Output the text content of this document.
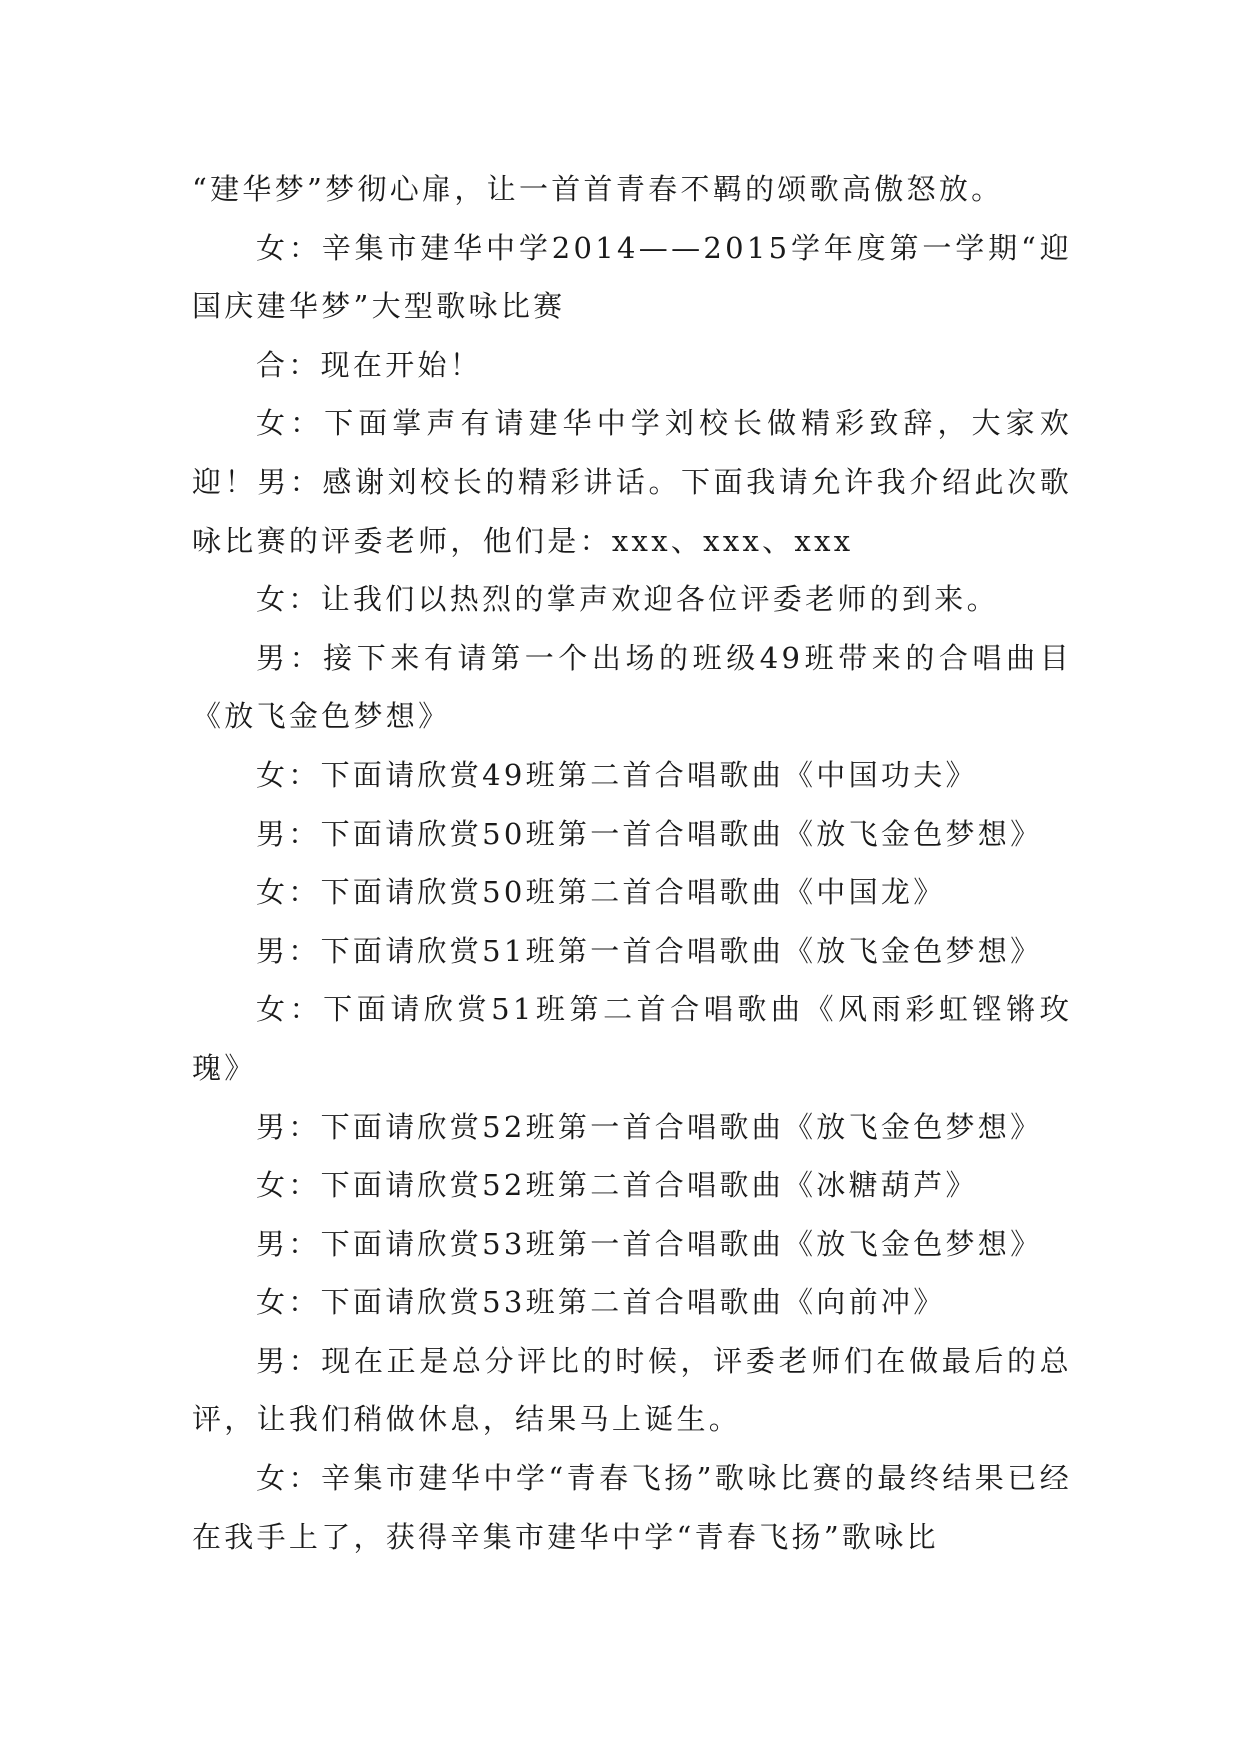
“建华梦”梦彻心扉，让一首首青春不羁的颂歌高傲怒放。

女：辛集市建华中学2014——2015学年度第一学期“迎国庆建华梦”大型歌咏比赛

合：现在开始！

女：下面掌声有请建华中学刘校长做精彩致辞，大家欢迎！男：感谢刘校长的精彩讲话。下面我请允许我介绍此次歌咏比赛的评委老师，他们是：xxx、xxx、xxx

女：让我们以热烈的掌声欢迎各位评委老师的到来。

男：接下来有请第一个出场的班级49班带来的合唱曲目《放飞金色梦想》

女：下面请欣赏49班第二首合唱歌曲《中国功夫》

男：下面请欣赏50班第一首合唱歌曲《放飞金色梦想》

女：下面请欣赏50班第二首合唱歌曲《中国龙》

男：下面请欣赏51班第一首合唱歌曲《放飞金色梦想》

女：下面请欣赏51班第二首合唱歌曲《风雨彩虹铿锵玫瑰》

男：下面请欣赏52班第一首合唱歌曲《放飞金色梦想》

女：下面请欣赏52班第二首合唱歌曲《冰糖葫芦》

男：下面请欣赏53班第一首合唱歌曲《放飞金色梦想》

女：下面请欣赏53班第二首合唱歌曲《向前冲》

男：现在正是总分评比的时候，评委老师们在做最后的总评，让我们稍做休息，结果马上诞生。

女：辛集市建华中学“青春飞扬”歌咏比赛的最终结果已经在我手上了，获得辛集市建华中学“青春飞扬”歌咏比
